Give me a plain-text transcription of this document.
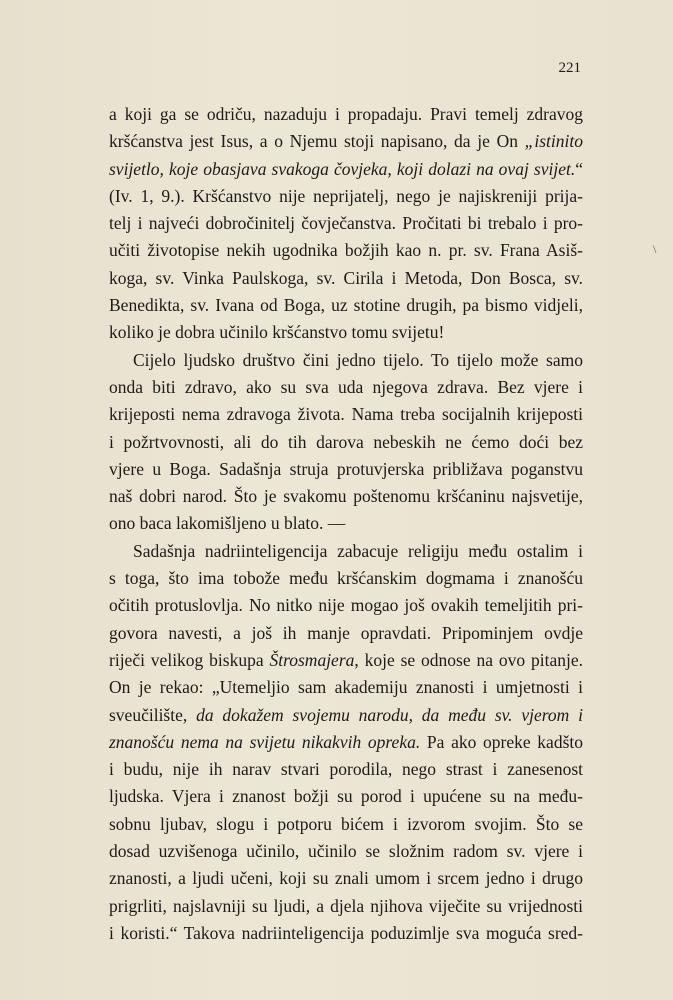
221
a koji ga se odriču, nazaduju i propadaju. Pravi temelj zdravog
kršćanstva jest Isus, a o Njemu stoji napisano, da je On „istinito
svijetlo, koje obasjava svakoga čovjeka, koji dolazi na ovaj svijet.“
(Iv. 1, 9.). Kršćanstvo nije neprijatelj, nego je najiskreniji prija-
telj i najveći dobročinitelj čovječanstva. Pročitati bi trebalo i pro-
učiti životopise nekih ugodnika božjih kao n. pr. sv. Frana Asiš-
koga, sv. Vinka Paulskoga, sv. Cirila i Metoda, Don Bosca, sv.
Benedikta, sv. Ivana od Boga, uz stotine drugih, pa bismo vidjeli,
koliko je dobra učinilo kršćanstvo tomu svijetu!
Cijelo ljudsko društvo čini jedno tijelo. To tijelo može samo
onda biti zdravo, ako su sva uda njegova zdrava. Bez vjere i
kriјeposti nema zdravoga života. Nama treba socijalnih kriјeposti
i požrtvovnosti, ali do tih darova nebeskih ne ćemo doći bez
vjere u Boga. Sadašnja struja protuvjerska približava poganstvu
naš dobri narod. Što je svakomu poštenomu kršćaninu najsvetije,
ono baca lakomišljeno u blato. —
Sadašnja nadriinteligencija zabacuje religiju među ostalim i
s toga, što ima tobože među kršćanskim dogmama i znanošću
očitih protuslovlja. No nitko nije mogao još ovakih temeljitih pri-
govora navesti, a još ih manje opravdati. Pripominjem ovdje
riječi velikog biskupa Štrosmajera, koje se odnose na ovo pitanje.
On je rekao: „Utemeljio sam akademiju znanosti i umjetnosti i
sveučilište, da dokažem svojemu narodu, da među sv. vjerom i
znanošću nema na svijetu nikakvih opreka. Pa ako opreke kadšto
i budu, nije ih narav stvari porodila, nego strast i zanesenost
ljudska. Vjera i znanost božji su porod i upućene su na među-
sobnu ljubav, slogu i potporu bićem i izvorom svojim. Što se
dosad uzvišenoga učinilo, učinilo se složnim radom sv. vjere i
znanosti, a ljudi učeni, koji su znali umom i srcem jedno i drugo
prigrliti, najslavniji su ljudi, a djela njihova viječite su vrijednosti
i koristi.“ Takova nadriinteligencija poduzimlje sva moguća sred-
\
